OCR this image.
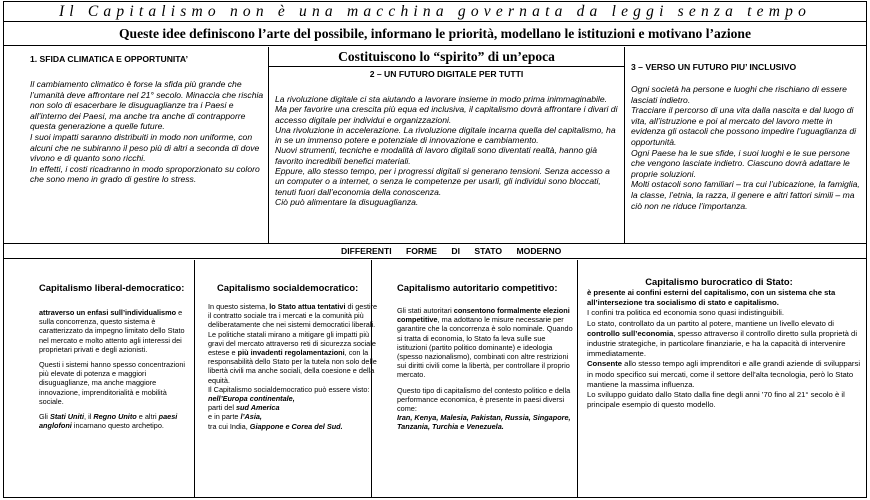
Il Capitalismo non è una macchina governata da leggi senza tempo
Queste idee definiscono l’arte del possibile, informano le priorità, modellano le istituzioni e motivano l’azione
1. SFIDA CLIMATICA E OPPORTUNITA’

Il cambiamento climatico è forse la sfida più grande che l’umanità deve affrontare nel 21° secolo. Minaccia che rischia non solo di esacerbare le disuguaglianze tra i Paesi e all’interno dei Paesi, ma anche tra anche di contrapporre questa generazione a quelle future.

I suoi impatti saranno distribuiti in modo non uniforme, con alcuni che ne subiranno il peso più di altri a seconda di dove vivono e di quanto sono ricchi.

In effetti, i costi ricadranno in modo sproporzionato su coloro che sono meno in grado di gestire lo stress.

Costituiscono lo “spirito” di un’epoca
2 – UN FUTURO DIGITALE PER TUTTI

La rivoluzione digitale ci sta aiutando a lavorare insieme in modo prima inimmaginabile. Ma per favorire una crescita più equa ed inclusiva, il capitalismo dovrà affrontare i divari di accesso digitale per individui e organizzazioni.

Una rivoluzione in accelerazione. La rivoluzione digitale incarna quella del capitalismo, ha in se un immenso potere e potenziale di innovazione e cambiamento.

Nuovi strumenti, tecniche e modalità di lavoro digitali sono diventati realtà, hanno già favorito incredibili benefici materiali.

Eppure, allo stesso tempo, per i progressi digitali si generano tensioni. Senza accesso a un computer o a internet, o senza le competenze per usarli, gli individui sono bloccati, tenuti fuori dall’economia della conoscenza.

Ciò può alimentare la disuguaglianza.

3 – VERSO UN FUTURO PIU’ INCLUSIVO

Ogni società ha persone e luoghi che rischiano di essere lasciati indietro.

Tracciare il percorso di una vita dalla nascita e dal luogo di vita, all’istruzione e poi al mercato del lavoro mette in evidenza gli ostacoli che possono impedire l’uguaglianza di opportunità.

Ogni Paese ha le sue sfide, i suoi luoghi e le sue persone che vengono lasciate indietro. Ciascuno dovrà adattare le proprie soluzioni.

Molti ostacoli sono familiari – tra cui l’ubicazione, la famiglia, la classe, l’etnia, la razza, il genere e altri fattori simili – ma ciò non ne riduce l’importanza.

DIFFERENTI FORME DI STATO MODERNO
Capitalismo liberal-democratico:

attraverso un enfasi sull’individualismo e sulla concorrenza, questo sistema è caratterizzato da impegno limitato dello Stato nel mercato e molto attento agli interessi dei proprietari privati e degli azionisti.

Questi i sistemi hanno spesso concentrazioni più elevate di potenza e maggiori disuguaglianze, ma anche maggiore innovazione, imprenditorialità e mobilità sociale.

Gli Stati Uniti, il Regno Unito e altri paesi anglofoni incarnano questo archetipo.

Capitalismo socialdemocratico:

In questo sistema, lo Stato attua tentativi di gestire il contratto sociale tra i mercati e la comunità più deliberatamente che nei sistemi democratici liberali.

Le politiche statali mirano a mitigare gli impatti più gravi del mercato attraverso reti di sicurezza sociale estese e più invadenti regolamentazioni, con la responsabilità dello Stato per la tutela non solo delle libertà civili ma anche sociali, della coesione e della equità.

Il Capitalismo socialdemocratico può essere visto:

nell’Europa continentale,

parti del sud America

e in parte l’Asia,

tra cui India, Giappone e Corea del Sud.

Capitalismo autoritario competitivo:

Gli stati autoritari consentono formalmente elezioni competitive, ma adottano le misure necessarie per garantire che la concorrenza è solo nominale. Quando si tratta di economia, lo Stato fa leva sulle sue istituzioni (partito politico dominante) e ideologia (spesso nazionalismo), combinati con altre restrizioni sui diritti civili come la libertà, per controllare il proprio mercato.

Questo tipo di capitalismo del contesto politico e della performance economica, è presente in paesi diversi come:

Iran, Kenya, Malesia, Pakistan, Russia, Singapore, Tanzania, Turchia e Venezuela.

Capitalismo burocratico di Stato:

è presente ai confini esterni del capitalismo, con un sistema che sta all’intersezione tra socialismo di stato e capitalismo.

I confini tra politica ed economia sono quasi indistinguibili.

Lo stato, controllato da un partito al potere, mantiene un livello elevato di controllo sull’economia, spesso attraverso il controllo diretto sulla proprietà di industrie strategiche, in particolare finanziarie, e ha la capacità di intervenire immediatamente.

Consente allo stesso tempo agli imprenditori e alle grandi aziende di svilupparsi in modo specifico sui mercati, come il settore dell’alta tecnologia, però lo Stato mantiene la massima influenza.

Lo sviluppo guidato dallo Stato dalla fine degli anni ’70 fino al 21° secolo è il principale esempio di questo modello.
